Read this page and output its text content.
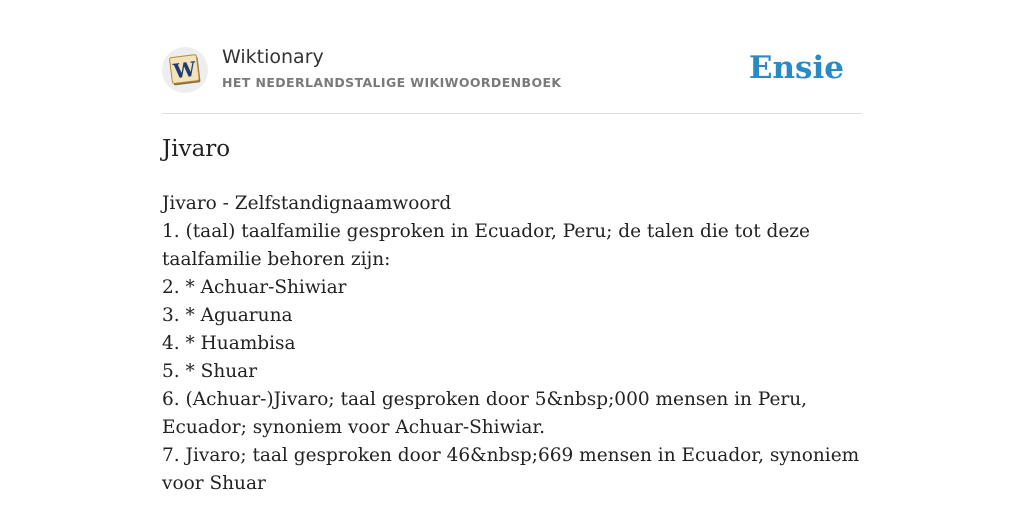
W Wiktionary
HET NEDERLANDSTALIGE WIKIWOORDENBOEK	Ensie
Jivaro
Jivaro - Zelfstandignaamwoord
1. (taal) taalfamilie gesproken in Ecuador, Peru; de talen die tot deze taalfamilie behoren zijn:
2. * Achuar-Shiwiar
3. * Aguaruna
4. * Huambisa
5. * Shuar
6. (Achuar-)Jivaro; taal gesproken door 5&nbsp;000 mensen in Peru, Ecuador; synoniem voor Achuar-Shiwiar.
7. Jivaro; taal gesproken door 46&nbsp;669 mensen in Ecuador, synoniem voor Shuar
